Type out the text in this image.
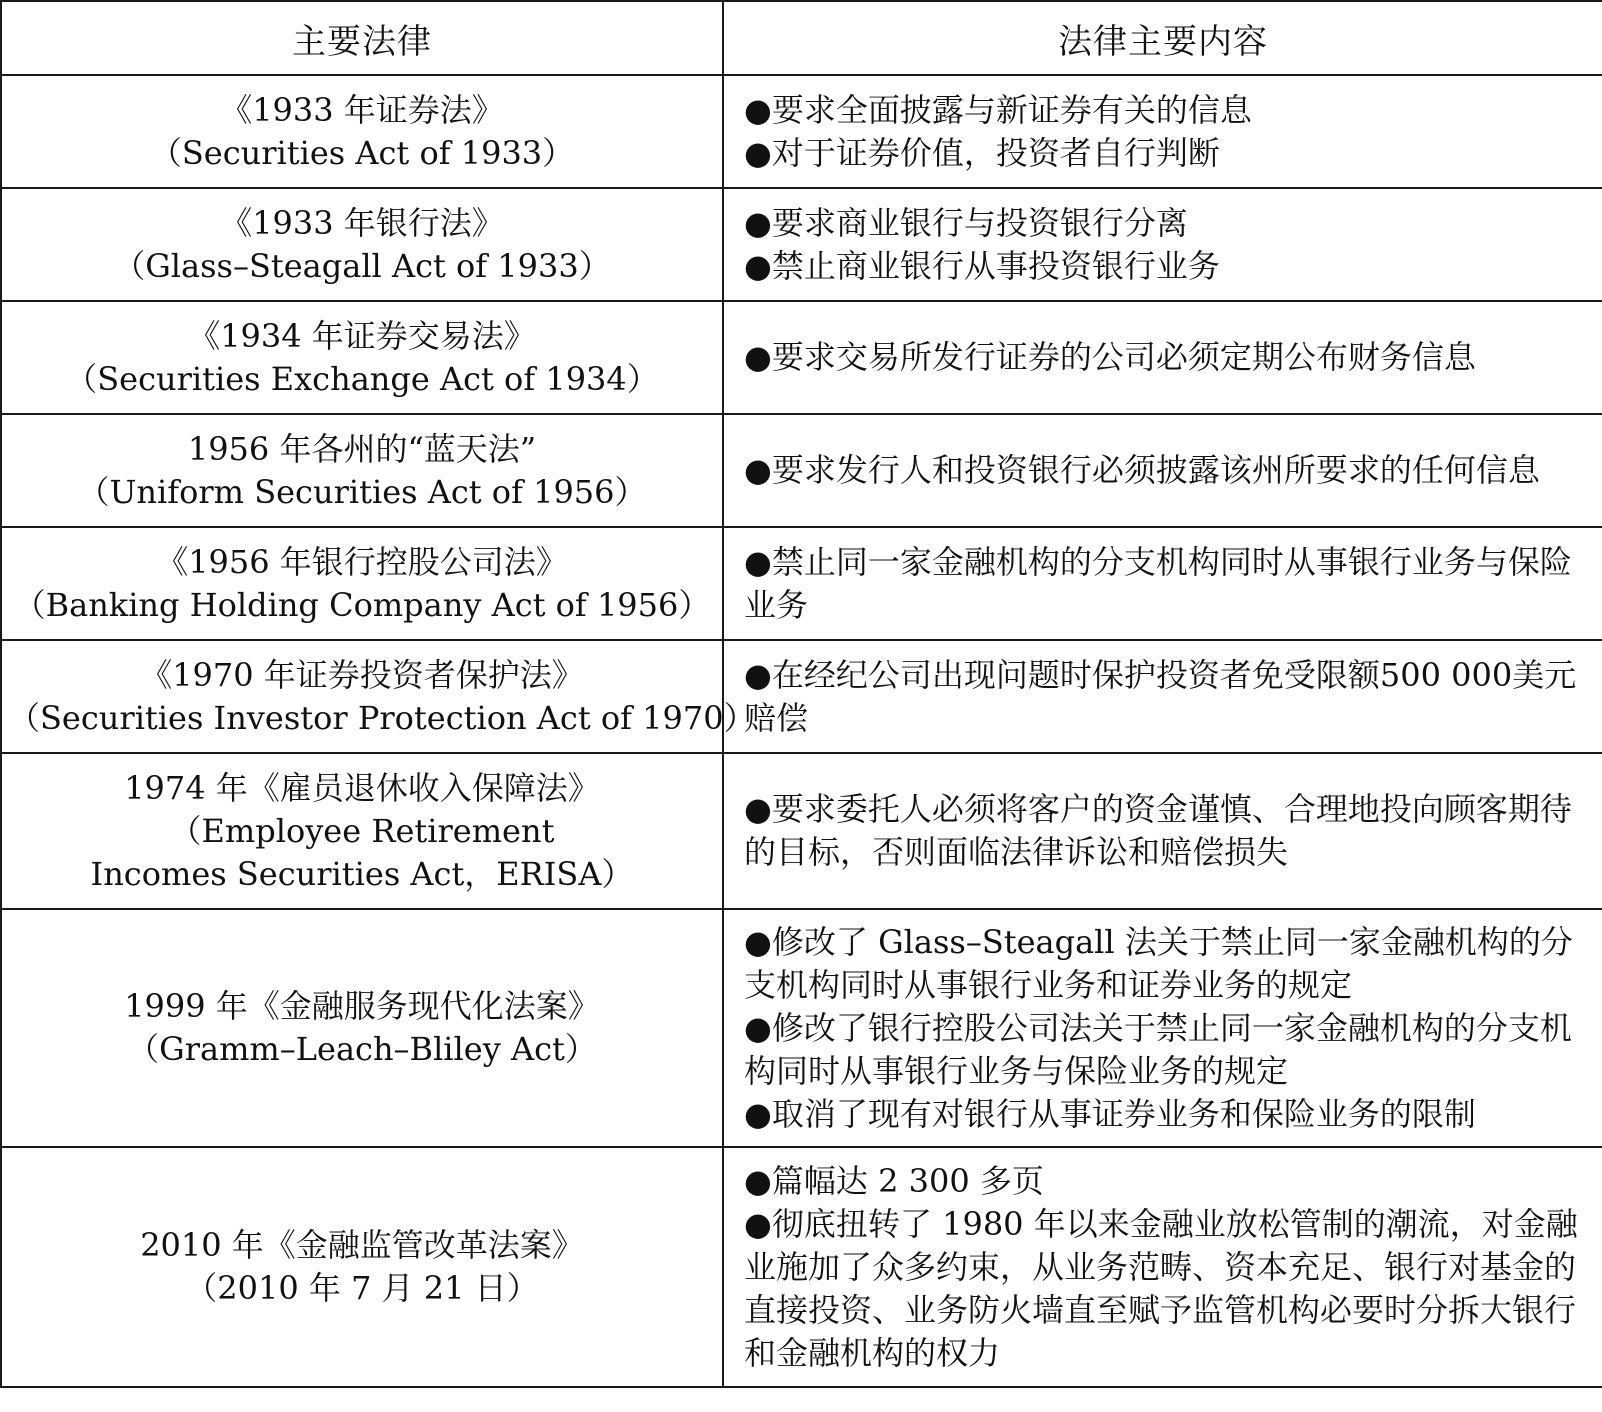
主要法律	法律主要内容

《1933 年证券法》
（Securities Act of 1933）	●要求全面披露与新证券有关的信息
●对于证券价值，投资者自行判断

《1933 年银行法》
（Glass–Steagall Act of 1933）	●要求商业银行与投资银行分离
●禁止商业银行从事投资银行业务

《1934 年证券交易法》
（Securities Exchange Act of 1934）	●要求交易所发行证券的公司必须定期公布财务信息

1956 年各州的“蓝天法”
（Uniform Securities Act of 1956）	●要求发行人和投资银行必须披露该州所要求的任何信息

《1956 年银行控股公司法》
（Banking Holding Company Act of 1956）	●禁止同一家金融机构的分支机构同时从事银行业务与保险业务

《1970 年证券投资者保护法》
（Securities Investor Protection Act of 1970）	●在经纪公司出现问题时保护投资者免受限额500 000美元赔偿

1974 年《雇员退休收入保障法》
（Employee Retirement
Incomes Securities Act，ERISA）	●要求委托人必须将客户的资金谨慎、合理地投向顾客期待的目标，否则面临法律诉讼和赔偿损失

1999 年《金融服务现代化法案》
（Gramm–Leach–Bliley Act）	●修改了 Glass–Steagall 法关于禁止同一家金融机构的分支机构同时从事银行业务和证券业务的规定
●修改了银行控股公司法关于禁止同一家金融机构的分支机构同时从事银行业务与保险业务的规定
●取消了现有对银行从事证券业务和保险业务的限制

2010 年《金融监管改革法案》
（2010 年 7 月 21 日）	●篇幅达 2 300 多页
●彻底扭转了 1980 年以来金融业放松管制的潮流，对金融业施加了众多约束，从业务范畴、资本充足、银行对基金的直接投资、业务防火墙直至赋予监管机构必要时分拆大银行和金融机构的权力
